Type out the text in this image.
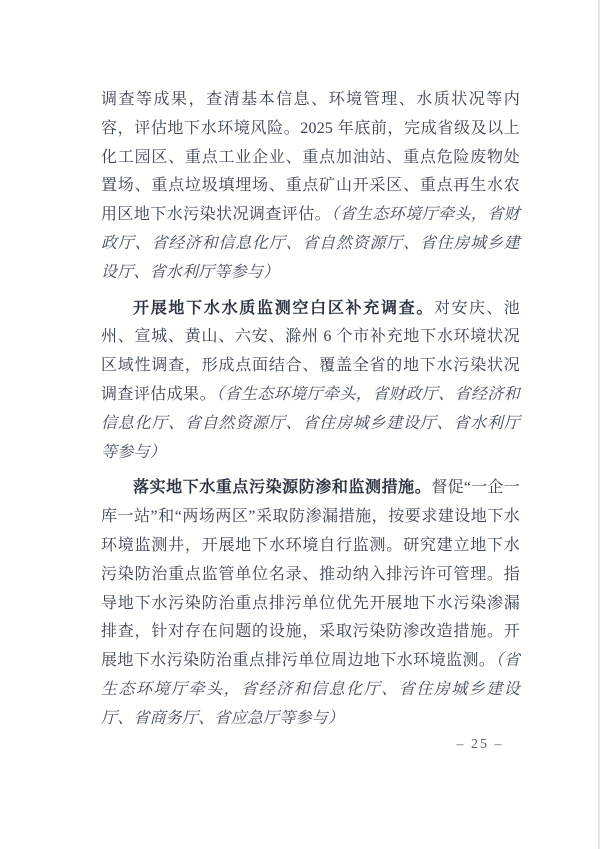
调查等成果，查清基本信息、环境管理、水质状况等内容，评估地下水环境风险。2025 年底前，完成省级及以上化工园区、重点工业企业、重点加油站、重点危险废物处置场、重点垃圾填埋场、重点矿山开采区、重点再生水农用区地下水污染状况调查评估。（省生态环境厅牵头，省财政厅、省经济和信息化厅、省自然资源厅、省住房城乡建设厅、省水利厅等参与）

开展地下水水质监测空白区补充调查。对安庆、池州、宣城、黄山、六安、滁州 6 个市补充地下水环境状况区域性调查，形成点面结合、覆盖全省的地下水污染状况调查评估成果。（省生态环境厅牵头，省财政厅、省经济和信息化厅、省自然资源厅、省住房城乡建设厅、省水利厅等参与）

落实地下水重点污染源防渗和监测措施。督促“一企一库一站”和“两场两区”采取防渗漏措施，按要求建设地下水环境监测井，开展地下水环境自行监测。研究建立地下水污染防治重点监管单位名录、推动纳入排污许可管理。指导地下水污染防治重点排污单位优先开展地下水污染渗漏排查，针对存在问题的设施，采取污染防渗改造措施。开展地下水污染防治重点排污单位周边地下水环境监测。（省生态环境厅牵头，省经济和信息化厅、省住房城乡建设厅、省商务厅、省应急厅等参与）

– 25 –
